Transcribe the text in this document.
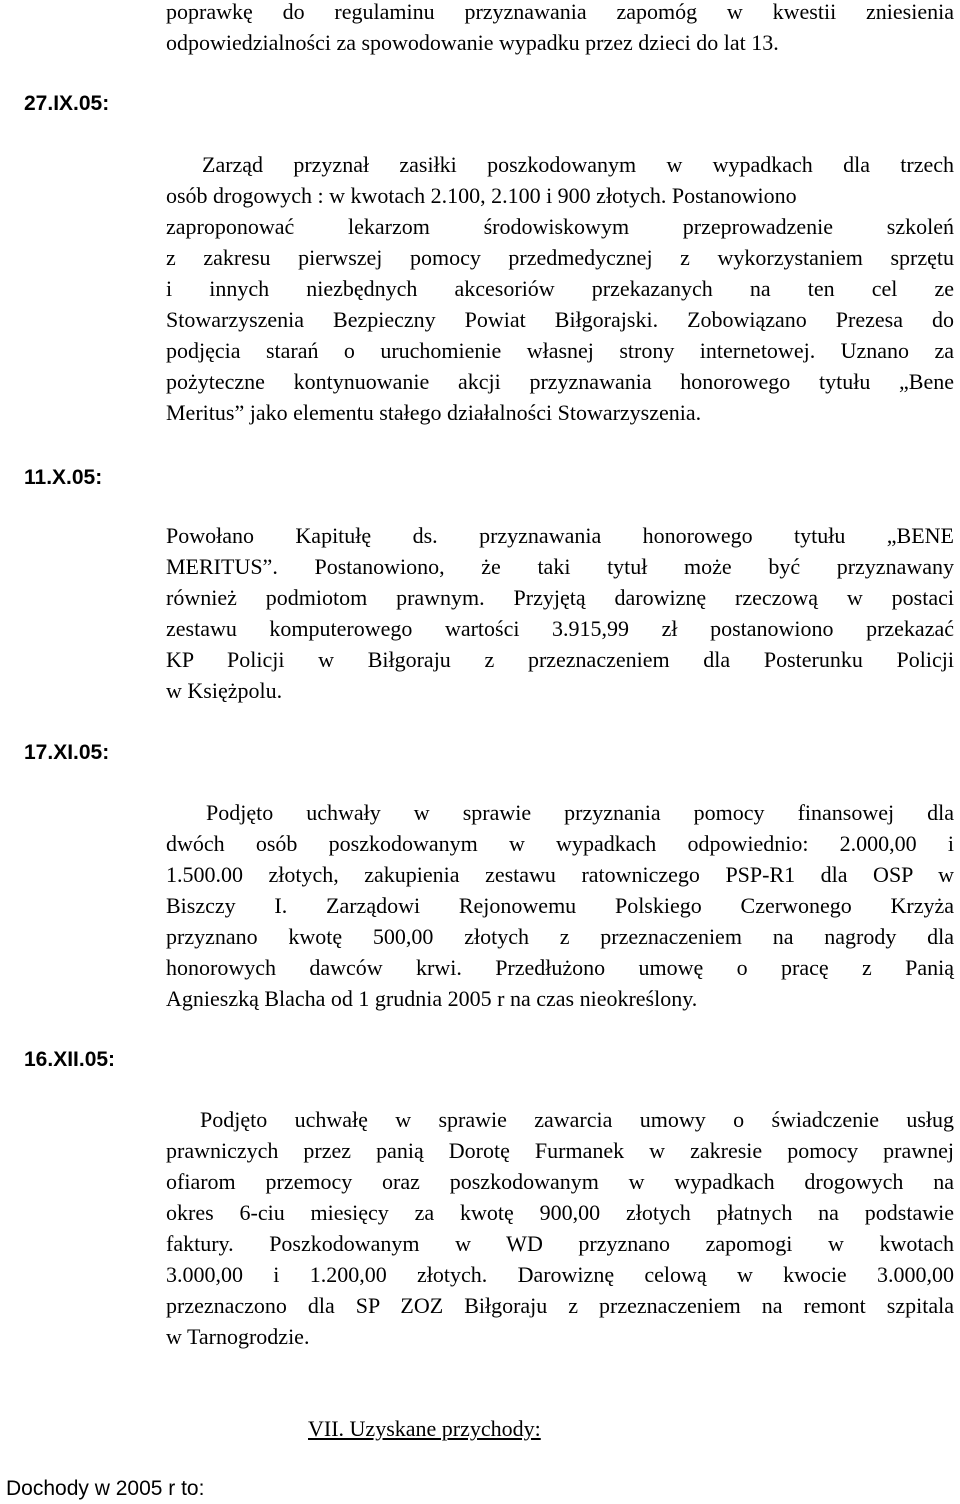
poprawkę do regulaminu przyznawania zapomóg w kwestii zniesienia
odpowiedzialności za spowodowanie wypadku przez dzieci do lat 13.
27.IX.05:
Zarząd przyznał zasiłki poszkodowanym w wypadkach dla trzech
osób drogowych : w kwotach 2.100, 2.100 i 900 złotych. Postanowiono
zaproponować lekarzom środowiskowym przeprowadzenie szkoleń
z zakresu pierwszej pomocy przedmedycznej z wykorzystaniem sprzętu
i innych niezbędnych akcesoriów przekazanych na ten cel ze
Stowarzyszenia Bezpieczny Powiat Biłgorajski. Zobowiązano Prezesa do
podjęcia starań o uruchomienie własnej strony internetowej. Uznano za
pożyteczne kontynuowanie akcji przyznawania honorowego tytułu „Bene
Meritus” jako elementu stałego działalności Stowarzyszenia.
11.X.05:
Powołano Kapitułę ds. przyznawania honorowego tytułu „BENE
MERITUS”. Postanowiono, że taki tytuł może być przyznawany
również podmiotom prawnym. Przyjętą darowiznę rzeczową w postaci
zestawu komputerowego wartości 3.915,99 zł postanowiono przekazać
KP Policji w Biłgoraju z przeznaczeniem dla Posterunku Policji
w Księżpolu.
17.XI.05:
Podjęto uchwały w sprawie przyznania pomocy finansowej dla
dwóch osób poszkodowanym w wypadkach odpowiednio: 2.000,00 i
1.500.00 złotych, zakupienia zestawu ratowniczego PSP-R1 dla OSP w
Biszczy I. Zarządowi Rejonowemu Polskiego Czerwonego Krzyża
przyznano kwotę 500,00 złotych z przeznaczeniem na nagrody dla
honorowych dawców krwi. Przedłużono umowę o pracę z Panią
Agnieszką Blacha od 1 grudnia 2005 r na czas nieokreślony.
16.XII.05:
Podjęto uchwałę w sprawie zawarcia umowy o świadczenie usług
prawniczych przez panią Dorotę Furmanek w zakresie pomocy prawnej
ofiarom przemocy oraz poszkodowanym w wypadkach drogowych na
okres 6-ciu miesięcy za kwotę 900,00 złotych płatnych na podstawie
faktury. Poszkodowanym w WD przyznano zapomogi w kwotach
3.000,00 i 1.200,00 złotych. Darowiznę celową w kwocie 3.000,00
przeznaczono dla SP ZOZ Biłgoraju z przeznaczeniem na remont szpitala
w Tarnogrodzie.
VII. Uzyskane przychody:
Dochody w 2005 r to:
